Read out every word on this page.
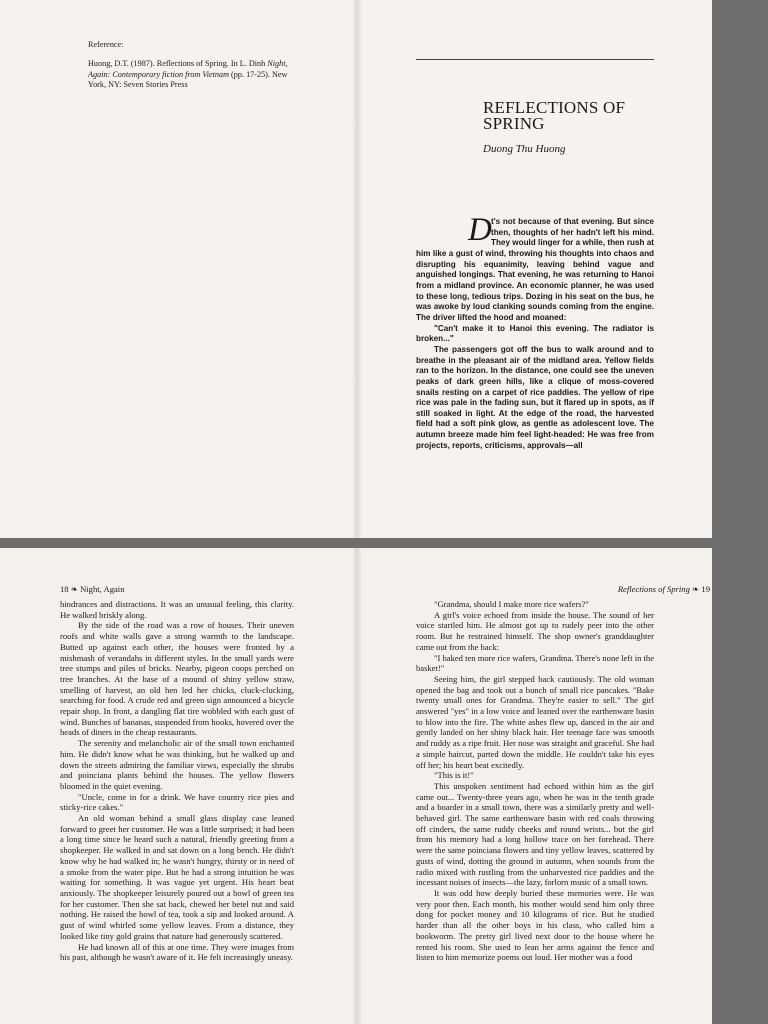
Reference:
Huong, D.T. (1987). Reflections of Spring. In L. Dinh Night, Again: Contemporary fiction from Vietnam (pp. 17-25). New York, NY: Seven Stories Press
REFLECTIONS OF SPRING
Duong Thu Huong

Dt's not because of that evening. But since then, thoughts of her hadn't left his mind. They would linger for a while, then rush at him like a gust of wind, throwing his thoughts into chaos and disrupting his equanimity, leaving behind vague and anguished longings. That evening, he was returning to Hanoi from a midland province. An economic planner, he was used to these long, tedious trips. Dozing in his seat on the bus, he was awoke by loud clanking sounds coming from the engine. The driver lifted the hood and moaned:

"Can't make it to Hanoi this evening. The radiator is broken..."

The passengers got off the bus to walk around and to breathe in the pleasant air of the midland area. Yellow fields ran to the horizon. In the distance, one could see the uneven peaks of dark green hills, like a clique of moss-covered snails resting on a carpet of rice paddies. The yellow of ripe rice was pale in the fading sun, but it flared up in spots, as if still soaked in light. At the edge of the road, the harvested field had a soft pink glow, as gentle as adolescent love. The autumn breeze made him feel light-headed: He was free from projects, reports, criticisms, approvals—all

18 ❧ Night, Again	Reflections of Spring ❧ 19

hindrances and distractions. It was an unusual feeling, this clarity. He walked briskly along.

By the side of the road was a row of houses. Their uneven roofs and white walls gave a strong warmth to the landscape. Butted up against each other, the houses were fronted by a mishmash of verandahs in different styles. In the small yards were tree stumps and piles of bricks. Nearby, pigeon coops perched on tree branches. At the base of a mound of shiny yellow straw, smelling of harvest, an old hen led her chicks, cluck-clucking, searching for food. A crude red and green sign announced a bicycle repair shop. In front, a dangling flat tire wobbled with each gust of wind. Bunches of bananas, suspended from hooks, hovered over the heads of diners in the cheap restaurants.

The serenity and melancholic air of the small town enchanted him. He didn't know what he was thinking, but he walked up and down the streets admiring the familiar views, especially the shrubs and poinciana plants behind the houses. The yellow flowers bloomed in the quiet evening.

"Uncle, come in for a drink. We have country rice pies and sticky-rice cakes."

An old woman behind a small glass display case leaned forward to greet her customer. He was a little surprised; it had been a long time since he heard such a natural, friendly greeting from a shopkeeper. He walked in and sat down on a long bench. He didn't know why he had walked in; he wasn't hungry, thirsty or in need of a smoke from the water pipe. But he had a strong intuition he was waiting for something. It was vague yet urgent. His heart beat anxiously. The shopkeeper leisurely poured out a bowl of green tea for her customer. Then she sat back, chewed her betel nut and said nothing. He raised the bowl of tea, took a sip and looked around. A gust of wind whirled some yellow leaves. From a distance, they looked like tiny gold grains that nature had generously scattered.

He had known all of this at one time. They were images from his past, although he wasn't aware of it. He felt increasingly uneasy.

"Grandma, should I make more rice wafers?"

A girl's voice echoed from inside the house. The sound of her voice startled him. He almost got up to rudely peer into the other room. But he restrained himself. The shop owner's granddaughter came out from the back:

"I baked ten more rice wafers, Grandma. There's none left in the basket!"

Seeing him, the girl stepped back cautiously. The old woman opened the bag and took out a bunch of small rice pancakes. "Bake twenty small ones for Grandma. They're easier to sell." The girl answered "yes" in a low voice and leaned over the earthenware basin to blow into the fire. The white ashes flew up, danced in the air and gently landed on her shiny black hair. Her teenage face was smooth and ruddy as a ripe fruit. Her nose was straight and graceful. She had a simple haircut, parted down the middle. He couldn't take his eyes off her; his heart beat excitedly.

"This is it!"

This unspoken sentiment had echoed within him as the girl came out... Twenty-three years ago, when he was in the tenth grade and a boarder in a small town, there was a similarly pretty and well-behaved girl. The same earthenware basin with red coals throwing off cinders, the same ruddy cheeks and round wrists... but the girl from his memory had a long hollow trace on her forehead. There were the same poinciana flowers and tiny yellow leaves, scattered by gusts of wind, dotting the ground in autumn, when sounds from the radio mixed with rustling from the unharvested rice paddies and the incessant noises of insects—the lazy, forlorn music of a small town.

It was odd how deeply buried these memories were. He was very poor then. Each month, his mother would send him only three dong for pocket money and 10 kilograms of rice. But he studied harder than all the other boys in his class, who called him a bookworm. The pretty girl lived next door to the house where he rented his room. She used to lean her arms against the fence and listen to him memorize poems out loud. Her mother was a food
